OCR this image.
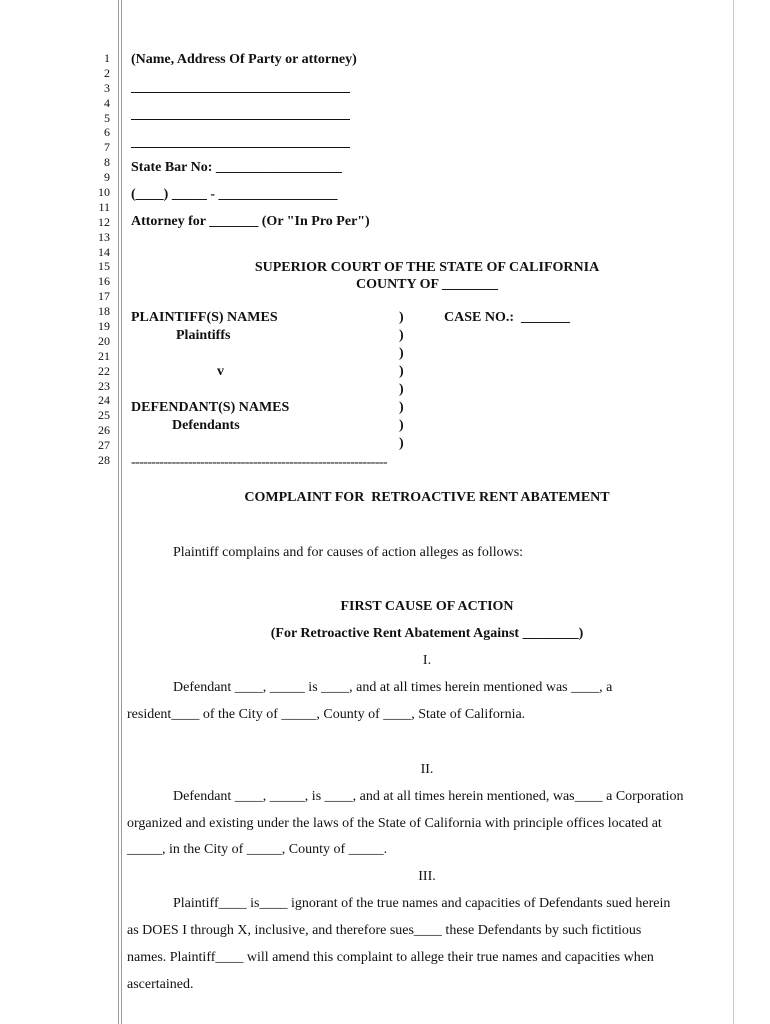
1
2
3
4
5
6
7
8
9
10
11
12
13
14
15
16
17
18
19
20
21
22
23
24
25
26
27
28
(Name, Address Of Party or attorney)
State Bar No: __________________
(____) _____ - _________________
Attorney for _______ (Or "In Pro Per")
SUPERIOR COURT OF THE STATE OF CALIFORNIA
COUNTY OF ________
PLAINTIFF(S) NAMES
Plaintiffs
v
DEFENDANT(S) NAMES
Defendants
CASE NO.:  _______
)
)
)
)
)
)
)
)
---------------------------------------------------------------
COMPLAINT FOR  RETROACTIVE RENT ABATEMENT
Plaintiff complains and for causes of action alleges as follows:
FIRST CAUSE OF ACTION
(For Retroactive Rent Abatement Against ________)
I.
Defendant ____, _____ is ____, and at all times herein mentioned was ____, a
resident____ of the City of _____, County of ____, State of California.
II.
Defendant ____, _____, is ____, and at all times herein mentioned, was____ a Corporation
organized and existing under the laws of the State of California with principle offices located at
_____, in the City of _____, County of _____.
III.
Plaintiff____ is____ ignorant of the true names and capacities of Defendants sued herein
as DOES I through X, inclusive, and therefore sues____ these Defendants by such fictitious
names. Plaintiff____ will amend this complaint to allege their true names and capacities when
ascertained.
